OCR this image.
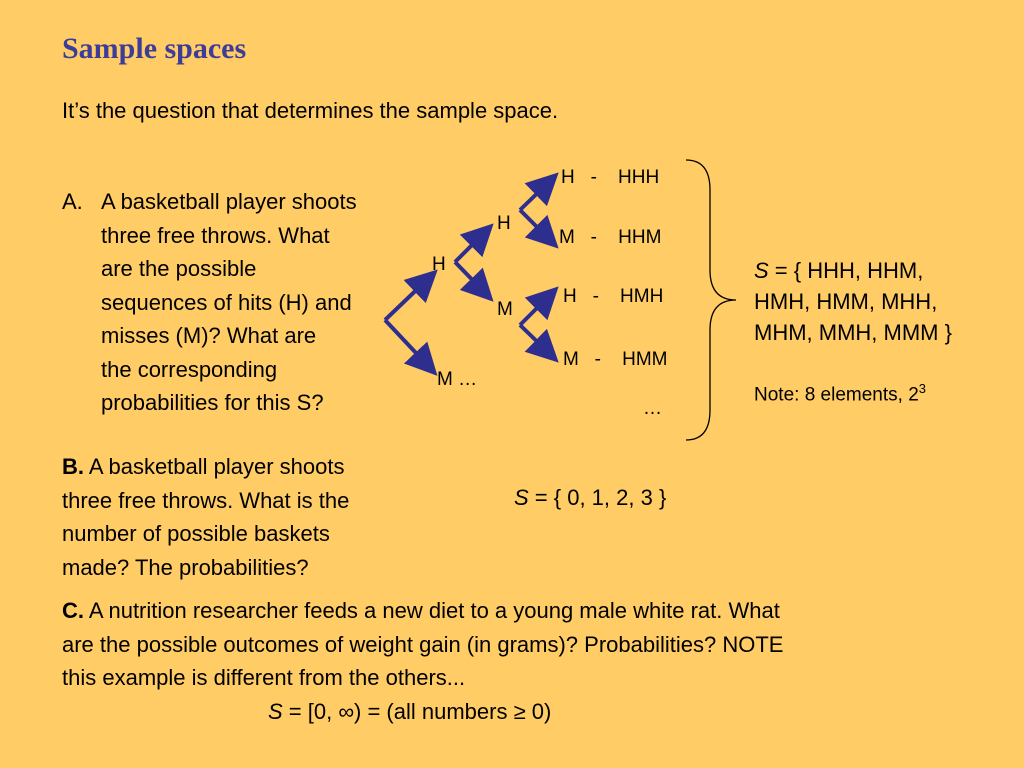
Sample spaces
It’s the question that determines the sample space.
A. A basketball player shoots
three free throws. What
are the possible
sequences of hits (H) and
misses (M)? What are
the corresponding
probabilities for this S?
H
M …
H
M
H - HHH
M - HHM
H - HMH
M - HMM
…
S = { HHH, HHM,
HMH, HMM, MHH,
MHM, MMH, MMM }
Note: 8 elements, $2^3$
B. A basketball player shoots
three free throws. What is the
number of possible baskets
made? The probabilities?
S = { 0, 1, 2, 3 }
C. A nutrition researcher feeds a new diet to a young male white rat. What
are the possible outcomes of weight gain (in grams)? Probabilities? NOTE
this example is different from the others...
S = [0, ∞) = (all numbers ≥ 0)
